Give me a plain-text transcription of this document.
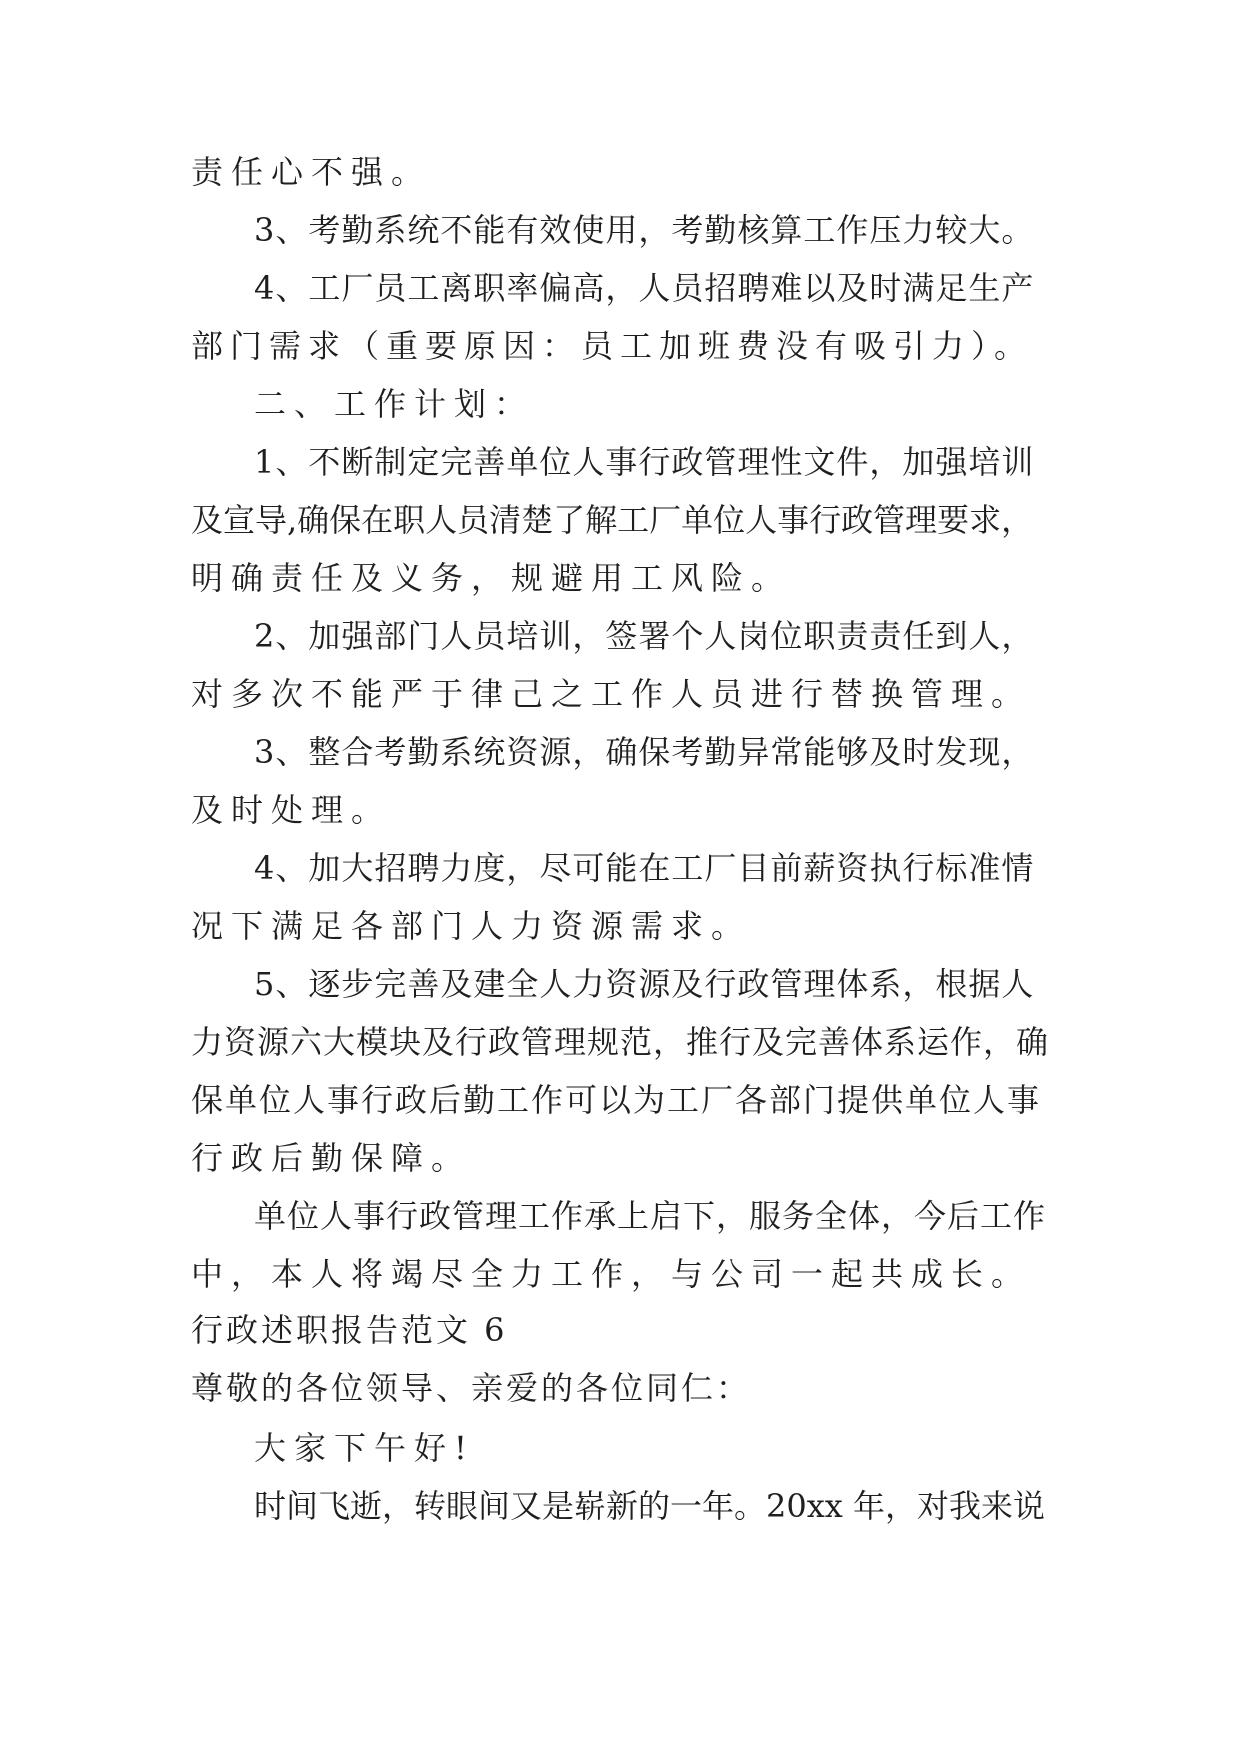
责任心不强。
3、考勤系统不能有效使用，考勤核算工作压力较大。
4、工厂员工离职率偏高，人员招聘难以及时满足生产
部门需求（重要原因：员工加班费没有吸引力）。
二、工作计划：
1、不断制定完善单位人事行政管理性文件，加强培训
及宣导,确保在职人员清楚了解工厂单位人事行政管理要求，
明确责任及义务，规避用工风险。
2、加强部门人员培训，签署个人岗位职责责任到人，
对多次不能严于律己之工作人员进行替换管理。
3、整合考勤系统资源，确保考勤异常能够及时发现，
及时处理。
4、加大招聘力度，尽可能在工厂目前薪资执行标准情
况下满足各部门人力资源需求。
5、逐步完善及建全人力资源及行政管理体系，根据人
力资源六大模块及行政管理规范，推行及完善体系运作，确
保单位人事行政后勤工作可以为工厂各部门提供单位人事
行政后勤保障。
单位人事行政管理工作承上启下，服务全体，今后工作
中，本人将竭尽全力工作，与公司一起共成长。
行政述职报告范文 6
尊敬的各位领导、亲爱的各位同仁：
大家下午好!
时间飞逝，转眼间又是崭新的一年。20xx 年，对我来说
